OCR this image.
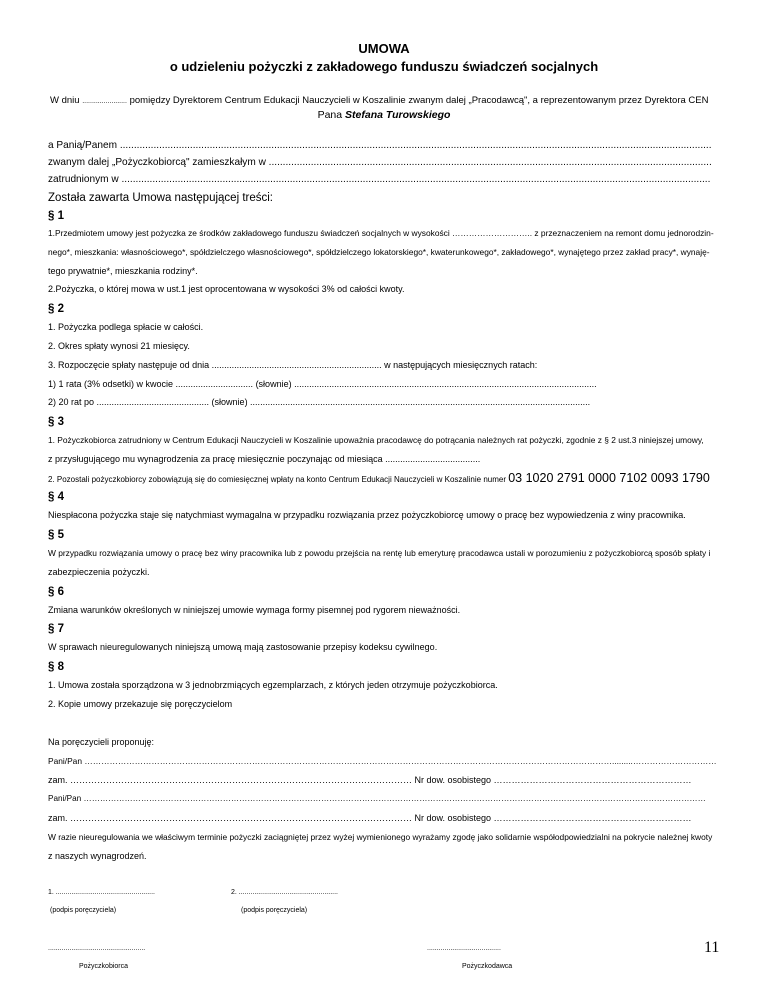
UMOWA
o udzieleniu pożyczki z zakładowego funduszu świadczeń socjalnych
W dniu ....................... pomiędzy Dyrektorem Centrum Edukacji Nauczycieli w Koszalinie zwanym dalej „Pracodawcą", a reprezentowanym przez Dyrektora CEN
Pana Stefana Turowskiego
a Panią/Panem ...................................................................................................................................................................................................................
zwanym dalej „Pożyczkobiorcą" zamieszkałym w ..............................................................................................................................................................
zatrudnionym w ..................................................................................................................................................................................................................
Została zawarta Umowa następującej treści:
§ 1
1.Przedmiotem umowy jest pożyczka ze środków zakładowego funduszu świadczeń socjalnych w wysokości ……………………….. z przeznaczeniem na remont domu jednorodzin-
nego*, mieszkania: własnościowego*, spółdzielczego własnościowego*, spółdzielczego lokatorskiego*, kwaterunkowego*, zakładowego*, wynajętego przez zakład pracy*, wynaję-
tego prywatnie*, mieszkania rodziny*.
2.Pożyczka, o której mowa w ust.1 jest oprocentowana w wysokości 3% od całości kwoty.
§ 2
1. Pożyczka podlega spłacie w całości.
2. Okres spłaty wynosi 21 miesięcy.
3. Rozpoczęcie spłaty następuje od dnia .................................................................... w następujących miesięcznych ratach:
1) 1 rata (3% odsetki) w kwocie ............................... (słownie) .........................................................................................................................
2) 20 rat po ............................................. (słownie) ........................................................................................................................................
§ 3
1. Pożyczkobiorca zatrudniony w Centrum Edukacji Nauczycieli w Koszalinie upoważnia pracodawcę do potrącania należnych rat pożyczki, zgodnie z § 2 ust.3 niniejszej umowy,
z przysługującego mu wynagrodzenia za pracę miesięcznie poczynając od miesiąca ......................................
2. Pozostali pożyczkobiorcy zobowiązują się do comiesięcznej wpłaty na konto Centrum Edukacji Nauczycieli w Koszalinie numer 03 1020 2791 0000 7102 0093 1790
§ 4
Niespłacona pożyczka staje się natychmiast wymagalna w przypadku rozwiązania przez pożyczkobiorcę umowy o pracę bez wypowiedzenia z winy pracownika.
§ 5
W przypadku rozwiązania umowy o pracę bez winy pracownika lub z powodu przejścia na rentę lub emeryturę pracodawca ustali w porozumieniu z pożyczkobiorcą sposób spłaty i
zabezpieczenia pożyczki.
§ 6
Zmiana warunków określonych w niniejszej umowie wymaga formy pisemnej pod rygorem nieważności.
§ 7
W sprawach nieuregulowanych niniejszą umową mają zastosowanie przepisy kodeksu cywilnego.
§ 8
1. Umowa została sporządzona w 3 jednobrzmiących egzemplarzach, z których jeden otrzymuje pożyczkobiorca.
2. Kopie umowy przekazuje się poręczycielom
Na poręczycieli proponuję:
Pani/Pan ……………………………………………………………………………………………………………………………………………………………………….........…………………………
zam. …………………………………………………………………………………………………… Nr dow. osobistego …………………………………………………………
Pani/Pan …………………………………………………………………………………………………………………………………………………………………………………………………………
zam. …………………………………………………………………………………………………… Nr dow. osobistego …………………………………………………………
W razie nieuregulowania we właściwym terminie pożyczki zaciągniętej przez wyżej wymienionego wyrażamy zgodę jako solidarnie współodpowiedzialni na pokrycie należnej kwoty
z naszych wynagrodzeń.
1. ...................................................
(podpis poręczyciela)
2. ...................................................
(podpis poręczyciela)
..................................................
Pożyczkobiorca
......................................
Pożyczkodawca
11
